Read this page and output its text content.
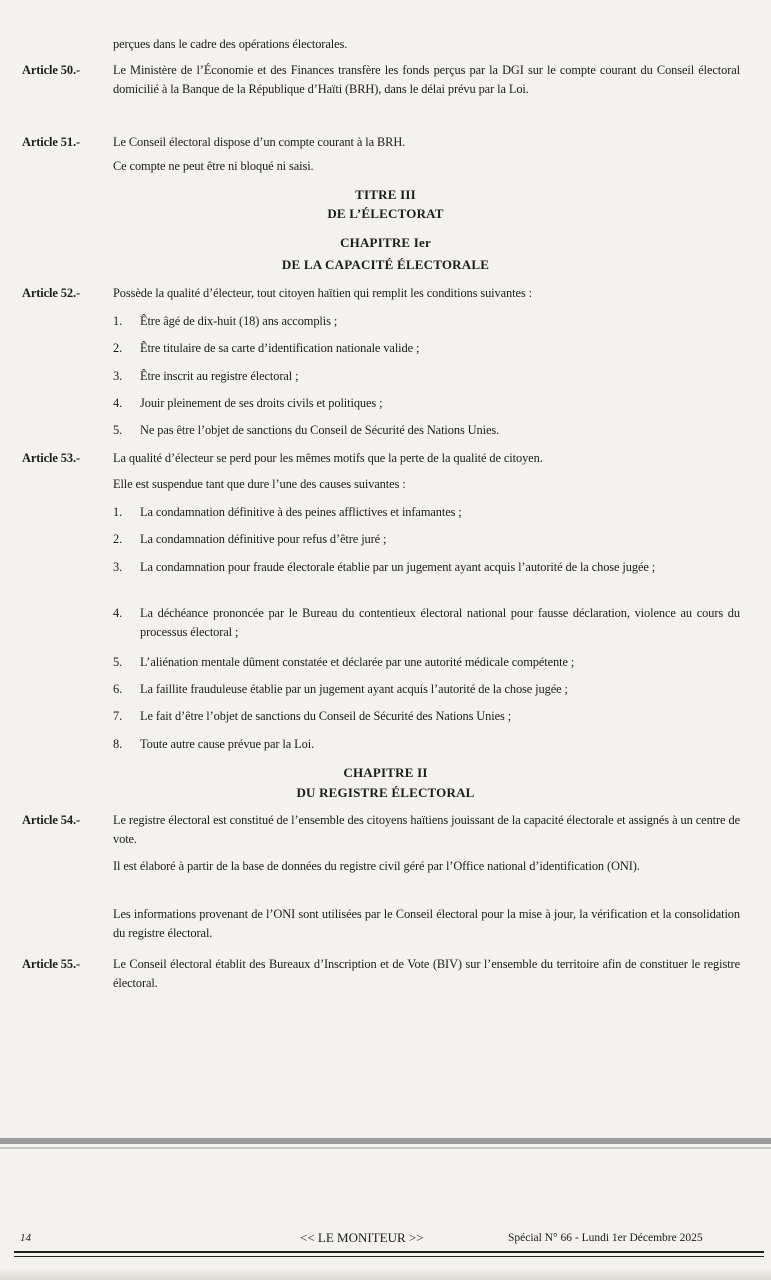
perçues dans le cadre des opérations électorales.
Article 50.-	Le Ministère de l’Économie et des Finances transfère les fonds perçus par la DGI sur le compte courant du Conseil électoral domicilié à la Banque de la République d’Haïti (BRH), dans le délai prévu par la Loi.
Article 51.-	Le Conseil électoral dispose d’un compte courant à la BRH.
Ce compte ne peut être ni bloqué ni saisi.
TITRE III
DE L’ÉLECTORAT
CHAPITRE Ier
DE LA CAPACITÉ ÉLECTORALE
Article 52.-	Possède la qualité d’électeur, tout citoyen haïtien qui remplit les conditions suivantes :
1.	Être âgé de dix-huit (18) ans accomplis ;
2.	Être titulaire de sa carte d’identification nationale valide ;
3.	Être inscrit au registre électoral ;
4.	Jouir pleinement de ses droits civils et politiques ;
5.	Ne pas être l’objet de sanctions du Conseil de Sécurité des Nations Unies.
Article 53.-	La qualité d’électeur se perd pour les mêmes motifs que la perte de la qualité de citoyen.
Elle est suspendue tant que dure l’une des causes suivantes :
1.	La condamnation définitive à des peines afflictives et infamantes ;
2.	La condamnation définitive pour refus d’être juré ;
3.	La condamnation pour fraude électorale établie par un jugement ayant acquis l’autorité de la chose jugée ;
4.	La déchéance prononcée par le Bureau du contentieux électoral national pour fausse déclaration, violence au cours du processus électoral ;
5.	L’aliénation mentale dûment constatée et déclarée par une autorité médicale compétente ;
6.	La faillite frauduleuse établie par un jugement ayant acquis l’autorité de la chose jugée ;
7.	Le fait d’être l’objet de sanctions du Conseil de Sécurité des Nations Unies ;
8.	Toute autre cause prévue par la Loi.
CHAPITRE II
DU REGISTRE ÉLECTORAL
Article 54.-	Le registre électoral est constitué de l’ensemble des citoyens haïtiens jouissant de la capacité électorale et assignés à un centre de vote.
Il est élaboré à partir de la base de données du registre civil géré par l’Office national d’identification (ONI).
Les informations provenant de l’ONI sont utilisées par le Conseil électoral pour la mise à jour, la vérification et la consolidation du registre électoral.
Article 55.-	Le Conseil électoral établit des Bureaux d’Inscription et de Vote (BIV) sur l’ensemble du territoire afin de constituer le registre électoral.
14	<< LE MONITEUR >>	Spécial N° 66 - Lundi 1er Décembre 2025
